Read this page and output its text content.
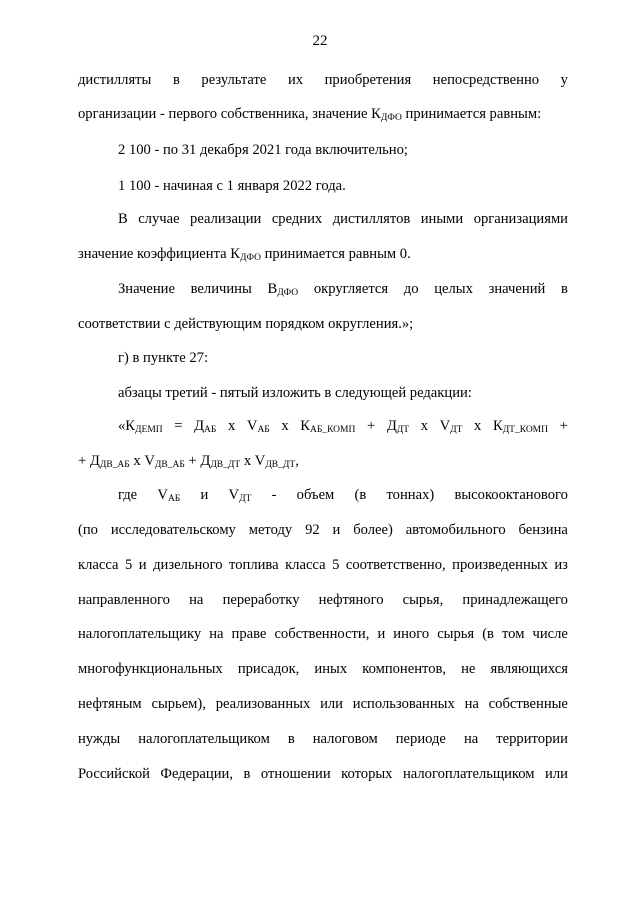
22
дистилляты в результате их приобретения непосредственно у
организации - первого собственника, значение $К_{ДФО}$ принимается равным:
2 100 - по 31 декабря 2021 года включительно;
1 100 - начиная с 1 января 2022 года.
В случае реализации средних дистиллятов иными организациями
значение коэффициента $К_{ДФО}$ принимается равным 0.
Значение величины $В_{ДФО}$ округляется до целых значений в
соответствии с действующим порядком округления.»;
г) в пункте 27:
абзацы третий - пятый изложить в следующей редакции:
«$К_{ДЕМП} = Д_{АБ}$ х $V_{АБ}$ х $К_{АБ\_КОМП} + Д_{ДТ}$ х $V_{ДТ}$ х $К_{ДТ\_КОМП}$ +
+ $Д_{ДВ\_АБ}$ х $V_{ДВ\_АБ} + Д_{ДВ\_ДТ}$ х $V_{ДВ\_ДТ}$,
где $V_{АБ}$ и $V_{ДТ}$ - объем (в тоннах) высокооктанового
(по исследовательскому методу 92 и более) автомобильного бензина
класса 5 и дизельного топлива класса 5 соответственно, произведенных из
направленного на переработку нефтяного сырья, принадлежащего
налогоплательщику на праве собственности, и иного сырья (в том числе
многофункциональных присадок, иных компонентов, не являющихся
нефтяным сырьем), реализованных или использованных на собственные
нужды налогоплательщиком в налоговом периоде на территории
Российской Федерации, в отношении которых налогоплательщиком или
